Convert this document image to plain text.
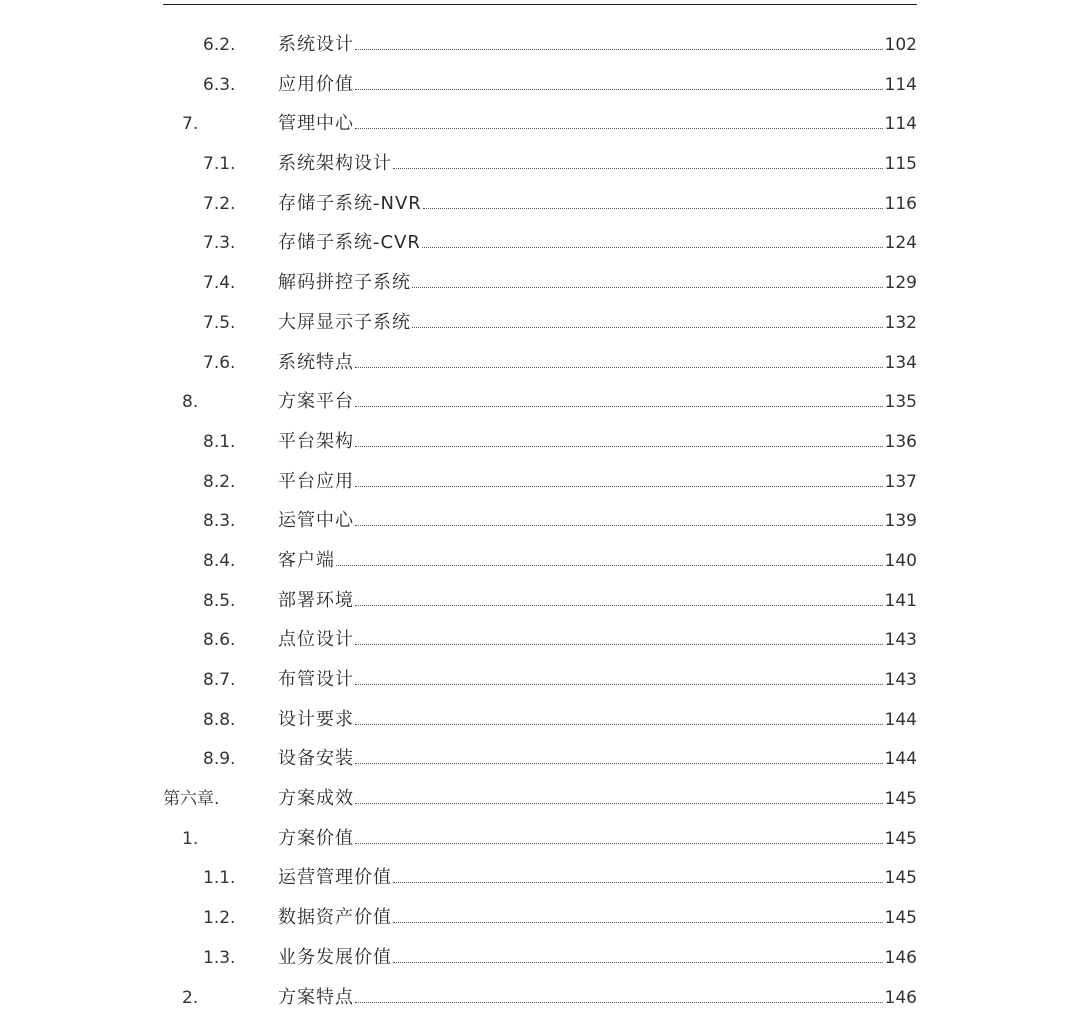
6.2. 系统设计	102
6.3. 应用价值	114
7.	管理中心	114
7.1. 系统架构设计	115
7.2. 存储子系统-NVR	116
7.3. 存储子系统-CVR	124
7.4. 解码拼控子系统	129
7.5. 大屏显示子系统	132
7.6. 系统特点	134
8.	方案平台	135
8.1. 平台架构	136
8.2. 平台应用	137
8.3. 运管中心	139
8.4. 客户端	140
8.5. 部署环境	141
8.6. 点位设计	143
8.7. 布管设计	143
8.8. 设计要求	144
8.9. 设备安装	144
第六章.	方案成效	145
1.	方案价值	145
1.1. 运营管理价值	145
1.2. 数据资产价值	145
1.3. 业务发展价值	146
2.	方案特点	146
